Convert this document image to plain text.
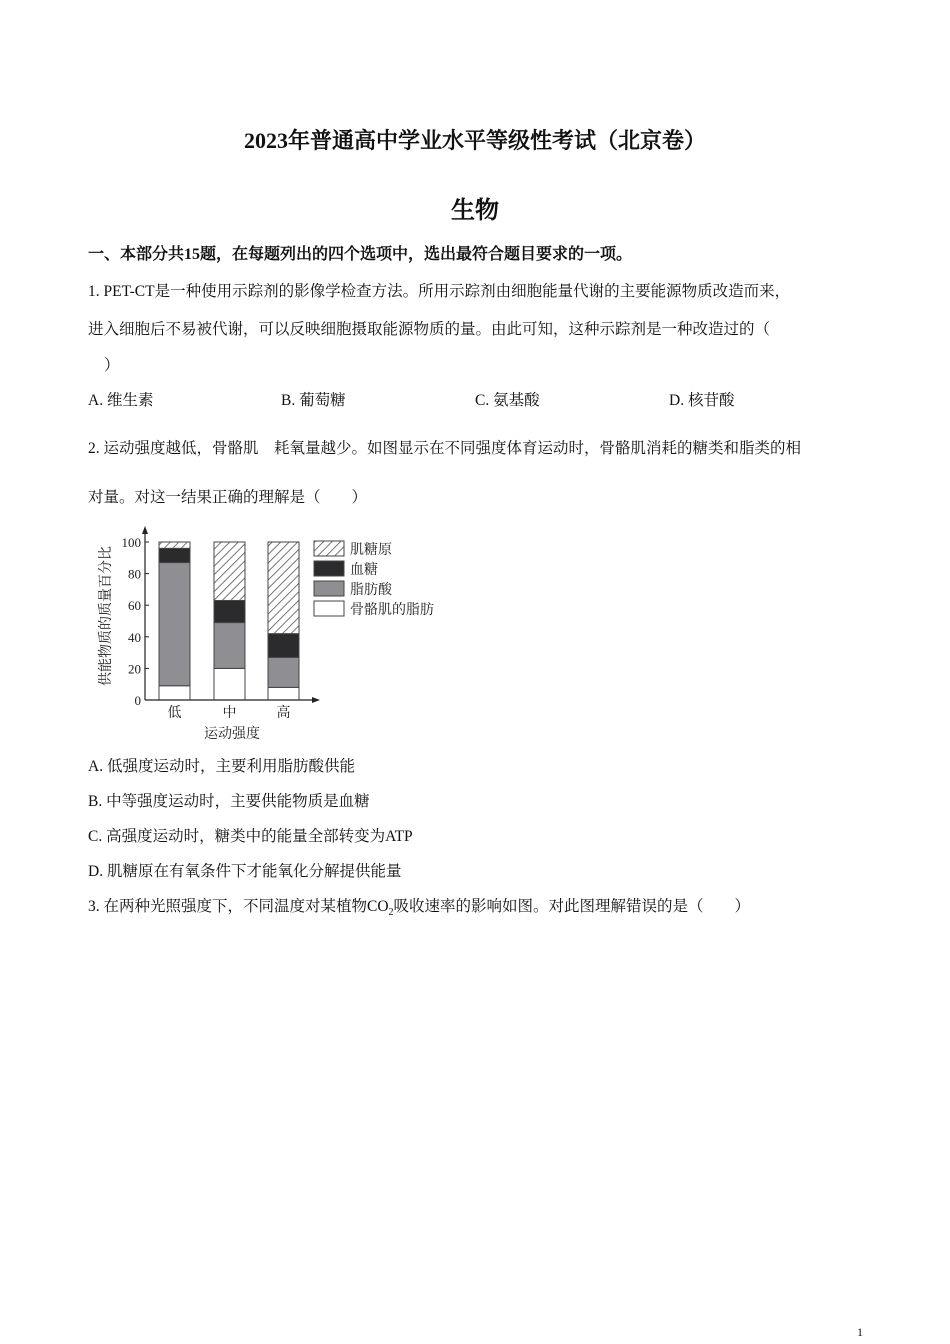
2023年普通高中学业水平等级性考试（北京卷）
生物
一、本部分共15题，在每题列出的四个选项中，选出最符合题目要求的一项。
1. PET-CT是一种使用示踪剂的影像学检查方法。所用示踪剂由细胞能量代谢的主要能源物质改造而来，
进入细胞后不易被代谢，可以反映细胞摄取能源物质的量。由此可知，这种示踪剂是一种改造过的（
）
A. 维生素	B. 葡萄糖	C. 氨基酸	D. 核苷酸
2. 运动强度越低，骨骼肌　耗氧量越少。如图显示在不同强度体育运动时，骨骼肌消耗的糖类和脂类的相
对量。对这一结果正确的理解是（　　）
0
20
40
60
80
100
低	中	高
运动强度
供能物质的质量百分比	肌糖原
血糖
脂肪酸
骨骼肌的脂肪
A. 低强度运动时，主要利用脂肪酸供能
B. 中等强度运动时，主要供能物质是血糖
C. 高强度运动时，糖类中的能量全部转变为ATP
D. 肌糖原在有氧条件下才能氧化分解提供能量
3. 在两种光照强度下，不同温度对某植物$CO_2$吸收速率的影响如图。对此图理解错误的是（　　）
1
